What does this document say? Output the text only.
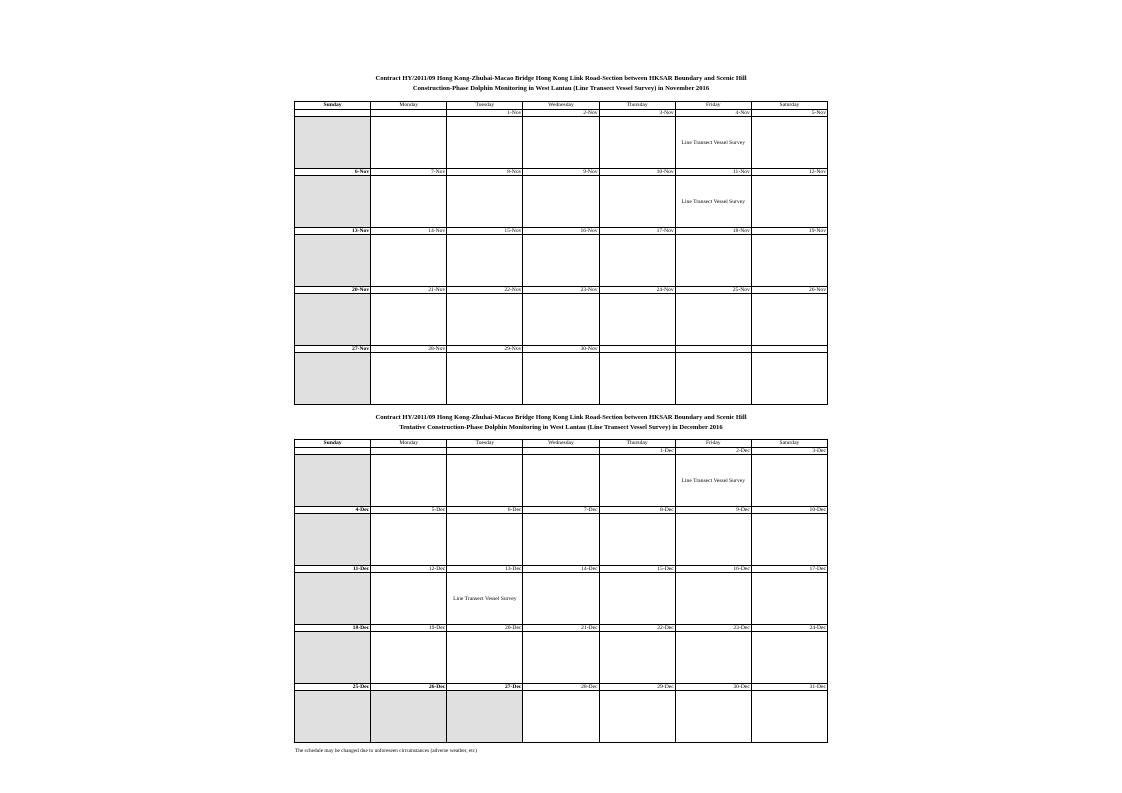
Contract HY/2011/09 Hong Kong-Zhuhai-Macao Bridge Hong Kong Link Road-Section between HKSAR Boundary and Scenic Hill
Construction-Phase Dolphin Monitoring in West Lantau (Line Transect Vessel Survey) in November 2016
Sunday	Monday	Tuesday	Wednesday	Thursday	Friday	Saturday
		1-Nov	2-Nov	3-Nov	4-Nov	5-Nov
					Line Transect Vessel Survey	
6-Nov	7-Nov	8-Nov	9-Nov	10-Nov	11-Nov	12-Nov
					Line Transect Vessel Survey	
13-Nov	14-Nov	15-Nov	16-Nov	17-Nov	18-Nov	19-Nov

20-Nov	21-Nov	22-Nov	23-Nov	24-Nov	25-Nov	26-Nov

27-Nov	28-Nov	29-Nov	30-Nov			

Contract HY/2011/09 Hong Kong-Zhuhai-Macao Bridge Hong Kong Link Road-Section between HKSAR Boundary and Scenic Hill
Tentative Construction-Phase Dolphin Monitoring in West Lantau (Line Transect Vessel Survey) in December 2016
Sunday	Monday	Tuesday	Wednesday	Thursday	Friday	Saturday
				1-Dec	2-Dec	3-Dec
					Line Transect Vessel Survey	
4-Dec	5-Dec	6-Dec	7-Dec	8-Dec	9-Dec	10-Dec

11-Dec	12-Dec	13-Dec	14-Dec	15-Dec	16-Dec	17-Dec
		Line Transect Vessel Survey				
18-Dec	19-Dec	20-Dec	21-Dec	22-Dec	23-Dec	24-Dec

25-Dec	26-Dec	27-Dec	28-Dec	29-Dec	30-Dec	31-Dec

The schedule may be changed due to unforeseen circumstances (adverse weather, etc)
